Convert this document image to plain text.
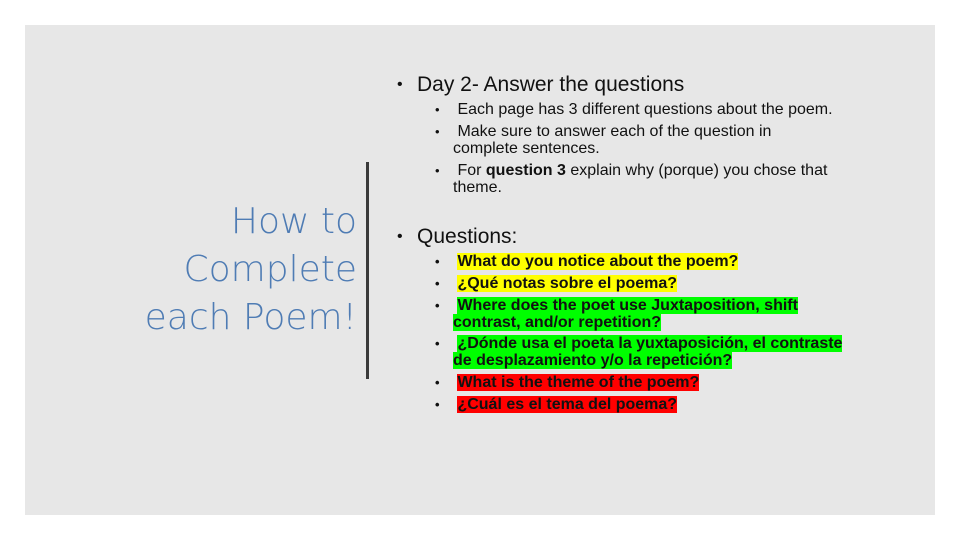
How to
Complete
each Poem!
• Day 2- Answer the questions
• Each page has 3 different questions about the poem.
• Make sure to answer each of the question in
complete sentences.
• For question 3 explain why (porque) you chose that
theme.
• Questions:
• What do you notice about the poem?
• ¿Qué notas sobre el poema?
• Where does the poet use Juxtaposition, shift
contrast, and/or repetition?
• ¿Dónde usa el poeta la yuxtaposición, el contraste
de desplazamiento y/o la repetición?
• What is the theme of the poem?
• ¿Cuál es el tema del poema?
